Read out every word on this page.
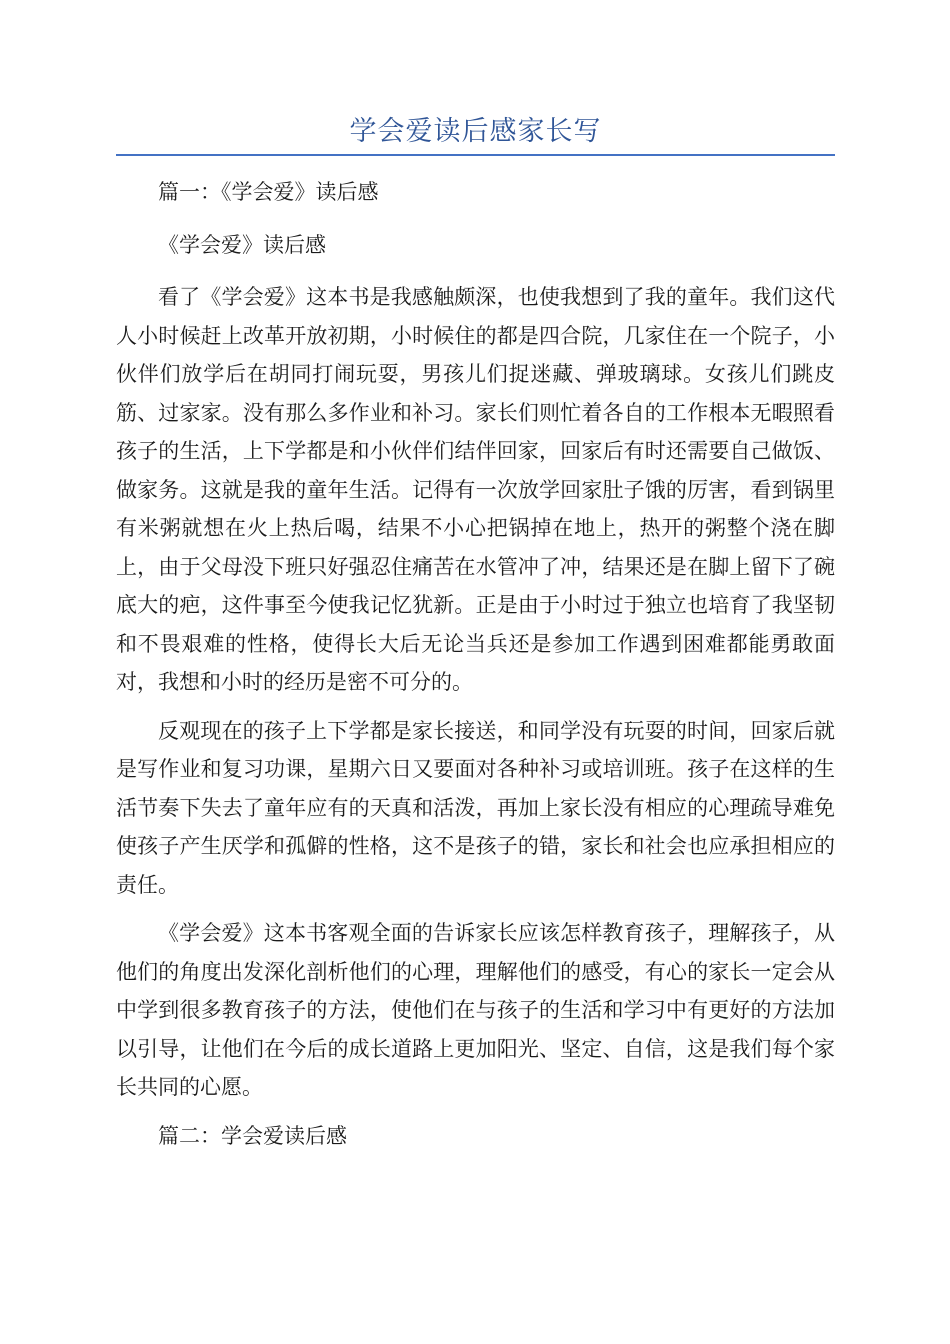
学会爱读后感家长写

篇一：《学会爱》读后感

《学会爱》读后感

看了《学会爱》这本书是我感触颇深，也使我想到了我的童年。我们这代人小时候赶上改革开放初期，小时候住的都是四合院，几家住在一个院子，小伙伴们放学后在胡同打闹玩耍，男孩儿们捉迷藏、弹玻璃球。女孩儿们跳皮筋、过家家。没有那么多作业和补习。家长们则忙着各自的工作根本无暇照看孩子的生活，上下学都是和小伙伴们结伴回家，回家后有时还需要自己做饭、做家务。这就是我的童年生活。记得有一次放学回家肚子饿的厉害，看到锅里有米粥就想在火上热后喝，结果不小心把锅掉在地上，热开的粥整个浇在脚上，由于父母没下班只好强忍住痛苦在水管冲了冲，结果还是在脚上留下了碗底大的疤，这件事至今使我记忆犹新。正是由于小时过于独立也培育了我坚韧和不畏艰难的性格，使得长大后无论当兵还是参加工作遇到困难都能勇敢面对，我想和小时的经历是密不可分的。

反观现在的孩子上下学都是家长接送，和同学没有玩耍的时间，回家后就是写作业和复习功课，星期六日又要面对各种补习或培训班。孩子在这样的生活节奏下失去了童年应有的天真和活泼，再加上家长没有相应的心理疏导难免使孩子产生厌学和孤僻的性格，这不是孩子的错，家长和社会也应承担相应的责任。

《学会爱》这本书客观全面的告诉家长应该怎样教育孩子，理解孩子，从他们的角度出发深化剖析他们的心理，理解他们的感受，有心的家长一定会从中学到很多教育孩子的方法，使他们在与孩子的生活和学习中有更好的方法加以引导，让他们在今后的成长道路上更加阳光、坚定、自信，这是我们每个家长共同的心愿。

篇二：学会爱读后感
